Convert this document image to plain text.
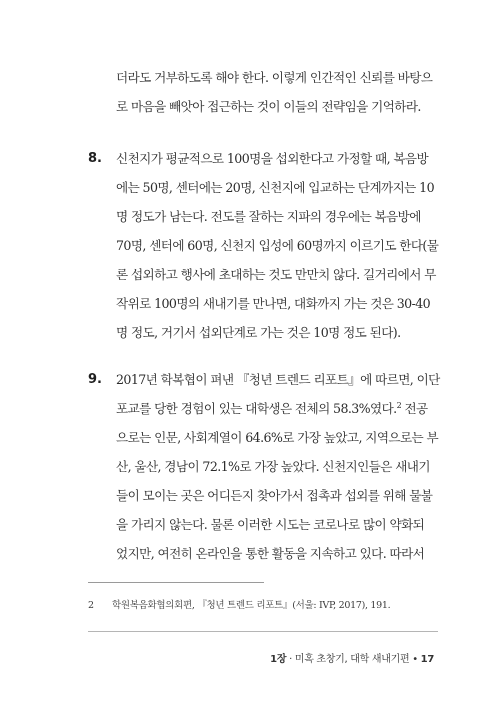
더라도 거부하도록 해야 한다. 이렇게 인간적인 신뢰를 바탕으
로 마음을 빼앗아 접근하는 것이 이들의 전략임을 기억하라.
8. 신천지가 평균적으로 100명을 섭외한다고 가정할 때, 복음방
에는 50명, 센터에는 20명, 신천지에 입교하는 단계까지는 10
명 정도가 남는다. 전도를 잘하는 지파의 경우에는 복음방에
70명, 센터에 60명, 신천지 입성에 60명까지 이르기도 한다(물
론 섭외하고 행사에 초대하는 것도 만만치 않다. 길거리에서 무
작위로 100명의 새내기를 만나면, 대화까지 가는 것은 30-40
명 정도, 거기서 섭외단계로 가는 것은 10명 정도 된다).
9. 2017년 학복협이 펴낸 『청년 트렌드 리포트』에 따르면, 이단
포교를 당한 경험이 있는 대학생은 전체의 58.3%였다.$^2$ 전공
으로는 인문, 사회계열이 64.6%로 가장 높았고, 지역으로는 부
산, 울산, 경남이 72.1%로 가장 높았다. 신천지인들은 새내기
들이 모이는 곳은 어디든지 찾아가서 접촉과 섭외를 위해 물불
을 가리지 않는다. 물론 이러한 시도는 코로나로 많이 약화되
었지만, 여전히 온라인을 통한 활동을 지속하고 있다. 따라서
2 학원복음화협의회편, 『청년 트렌드 리포트』(서울: IVP, 2017), 191.
1장 · 미혹 초창기, 대학 새내기편 • 17
